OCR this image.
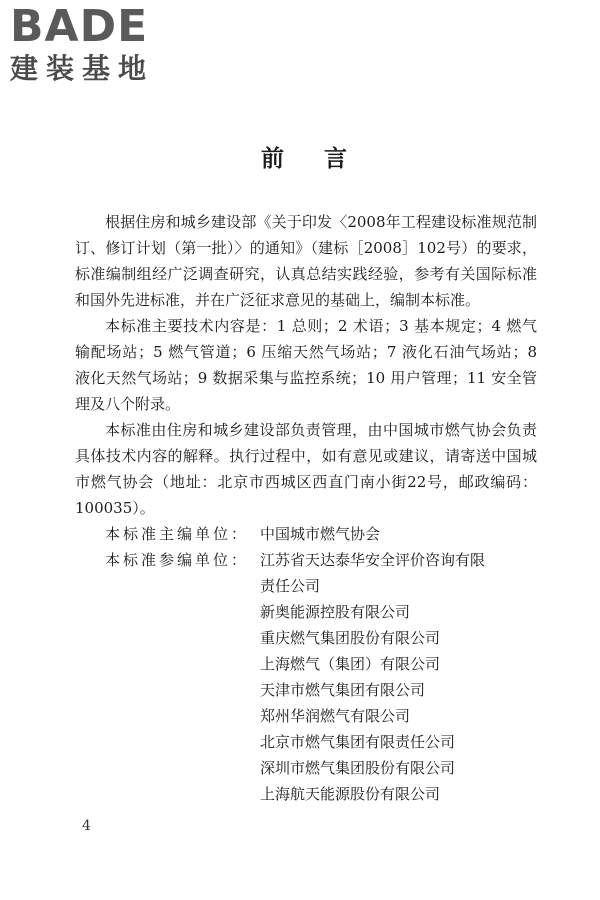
BADE
建装基地
前 言

根据住房和城乡建设部《关于印发〈2008年工程建设标准规范制订、修订计划（第一批）〉的通知》（建标［2008］102号）的要求，标准编制组经广泛调查研究，认真总结实践经验，参考有关国际标准和国外先进标准，并在广泛征求意见的基础上，编制本标准。

本标准主要技术内容是：1 总则；2 术语；3 基本规定；4 燃气输配场站；5 燃气管道；6 压缩天然气场站；7 液化石油气场站；8 液化天然气场站；9 数据采集与监控系统；10 用户管理；11 安全管理及八个附录。

本标准由住房和城乡建设部负责管理，由中国城市燃气协会负责具体技术内容的解释。执行过程中，如有意见或建议，请寄送中国城市燃气协会（地址：北京市西城区西直门南小街22号，邮政编码：100035）。

本标准主编单位： 中国城市燃气协会
本标准参编单位： 江苏省天达泰华安全评价咨询有限
责任公司
新奥能源控股有限公司
重庆燃气集团股份有限公司
上海燃气（集团）有限公司
天津市燃气集团有限公司
郑州华润燃气有限公司
北京市燃气集团有限责任公司
深圳市燃气集团股份有限公司
上海航天能源股份有限公司
4
